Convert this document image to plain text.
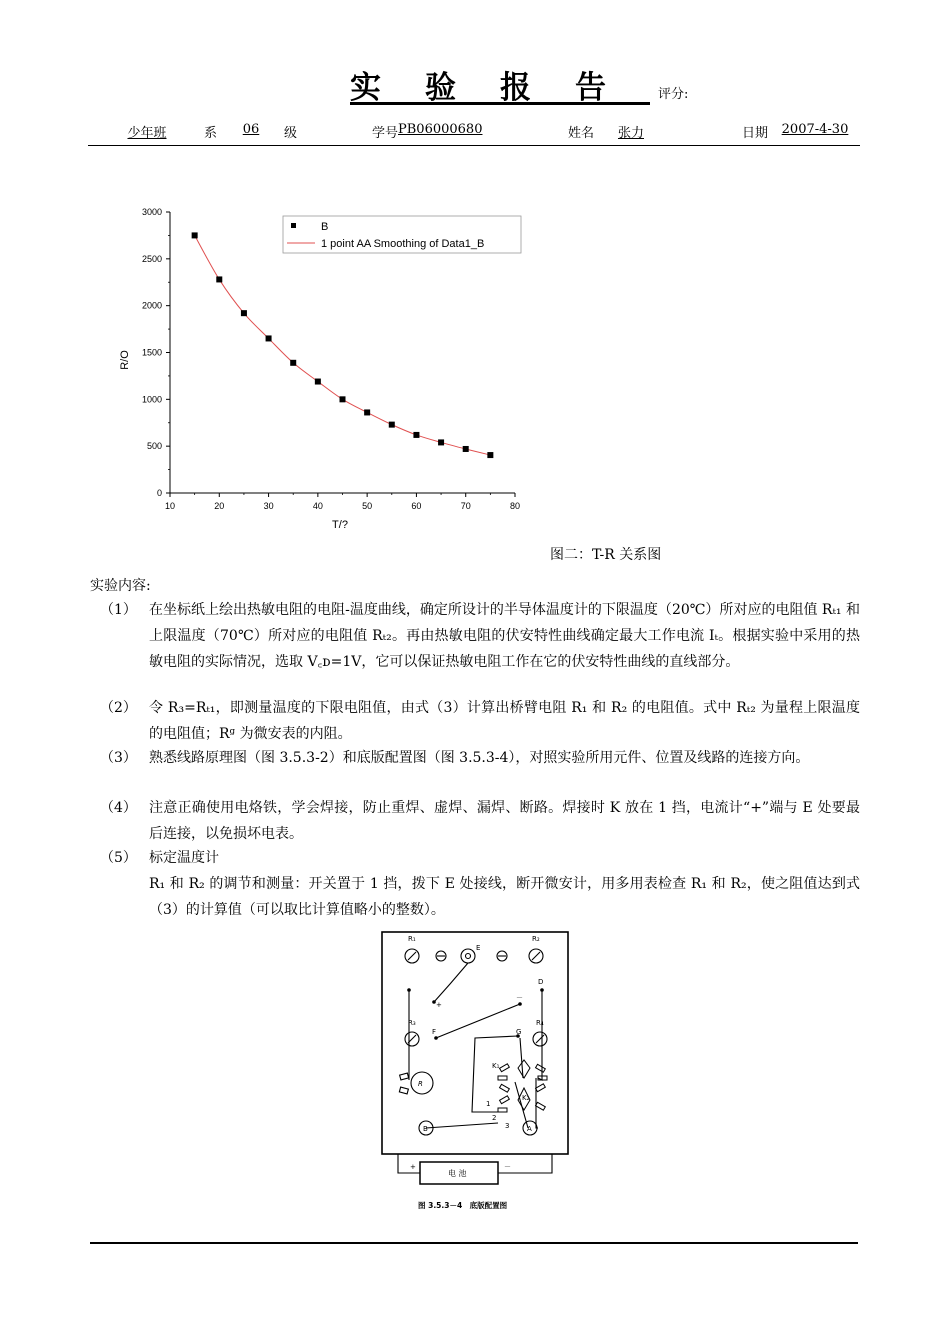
实验报告 评分:
少年班	系	06	级	学号 PB06000680	姓名	张力	日期	2007-4-30
10	20	30	40	50	60	70	80
0
500
1000
1500
2000
2500
3000
T/?
R/O
B
1 point AA Smoothing of Data1_B
图二：T-R 关系图
实验内容:
（1） 在坐标纸上绘出热敏电阻的电阻-温度曲线，确定所设计的半导体温度计的下限温度（20℃）所对应的电阻值 Rₜ₁ 和上限温度（70℃）所对应的电阻值 Rₜ₂。再由热敏电阻的伏安特性曲线确定最大工作电流 Iₜ。根据实验中采用的热敏电阻的实际情况，选取 V꜀ᴅ=1V，它可以保证热敏电阻工作在它的伏安特性曲线的直线部分。
（2） 令 R₃=Rₜ₁，即测量温度的下限电阻值，由式（3）计算出桥臂电阻 R₁ 和 R₂ 的电阻值。式中 Rₜ₂ 为量程上限温度的电阻值；Rᵍ 为微安表的内阻。
（3） 熟悉线路原理图（图 3.5.3-2）和底版配置图（图 3.5.3-4），对照实验所用元件、位置及线路的连接方向。
（4） 注意正确使用电烙铁，学会焊接，防止重焊、虚焊、漏焊、断路。焊接时 K 放在 1 挡，电流计“+”端与 E 处要最后连接，以免损坏电表。
（5） 标定温度计
R₁ 和 R₂ 的调节和测量：开关置于 1 挡，拨下 E 处接线，断开微安计，用多用表检查 R₁ 和 R₂，使之阻值达到式（3）的计算值（可以取比计算值略小的整数）。
R₁	R₂
R₃	R₄
E
F	G
D
R
K₁
K₂
B	A
+
－
1
2
3
电 池
+	－
图 3.5.3－4　底版配置图
